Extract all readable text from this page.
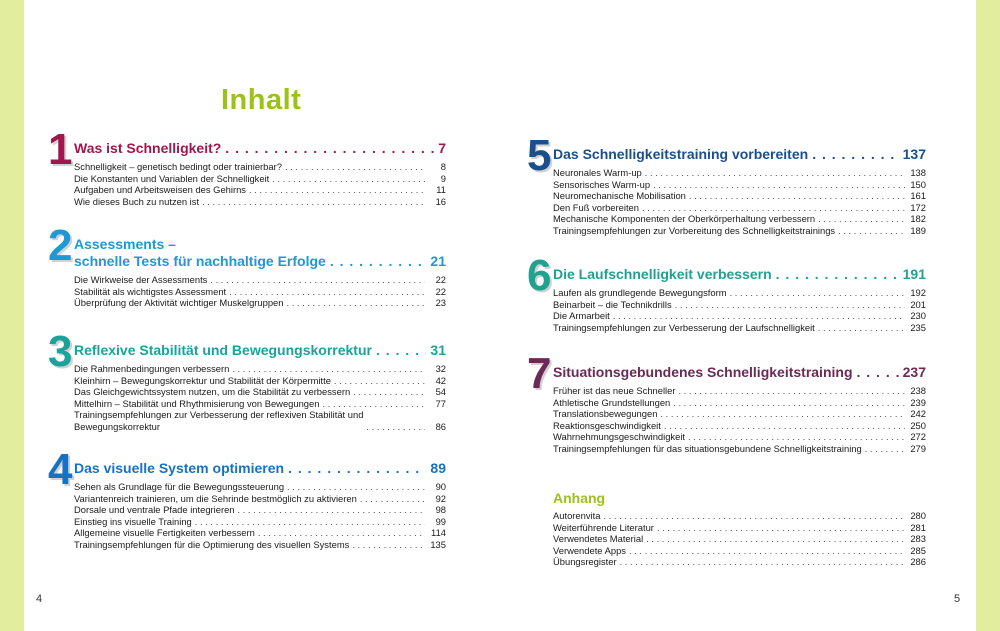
Inhalt
1 Was ist Schnelligkeit? . . .	7
Schnelligkeit – genetisch bedingt oder trainierbar? . . .	8
Die Konstanten und Variablen der Schnelligkeit . . .	9
Aufgaben und Arbeitsweisen des Gehirns . . .	11
Wie dieses Buch zu nutzen ist . . .	16
2 Assessments –
schnelle Tests für nachhaltige Erfolge . . .	21
Die Wirkweise der Assessments . . .	22
Stabilität als wichtigstes Assessment . . .	22
Überprüfung der Aktivität wichtiger Muskelgruppen . . .	23
3 Reflexive Stabilität und Bewegungskorrektur . . .	31
Die Rahmenbedingungen verbessern . . .	32
Kleinhirn – Bewegungskorrektur und Stabilität der Körpermitte . . .	42
Das Gleichgewichtssystem nutzen, um die Stabilität zu verbessern . . .	54
Mittelhirn – Stabilität und Rhythmisierung von Bewegungen . . .	77
Trainingsempfehlungen zur Verbesserung der reflexiven Stabilität und
Bewegungskorrektur . . .	86
4 Das visuelle System optimieren . . .	89
Sehen als Grundlage für die Bewegungssteuerung . . .	90
Variantenreich trainieren, um die Sehrinde bestmöglich zu aktivieren . . .	92
Dorsale und ventrale Pfade integrieren . . .	98
Einstieg ins visuelle Training . . .	99
Allgemeine visuelle Fertigkeiten verbessern . . .	114
Trainingsempfehlungen für die Optimierung des visuellen Systems . . .	135
5 Das Schnelligkeitstraining vorbereiten . . .	137
Neuronales Warm-up . . .	138
Sensorisches Warm-up . . .	150
Neuromechanische Mobilisation . . .	161
Den Fuß vorbereiten . . .	172
Mechanische Komponenten der Oberkörperhaltung verbessern . . .	182
Trainingsempfehlungen zur Vorbereitung des Schnelligkeitstrainings . . .	189
6 Die Laufschnelligkeit verbessern . . .	191
Laufen als grundlegende Bewegungsform . . .	192
Beinarbeit – die Technikdrills . . .	201
Die Armarbeit . . .	230
Trainingsempfehlungen zur Verbesserung der Laufschnelligkeit . . .	235
7 Situationsgebundenes Schnelligkeitstraining . . .	237
Früher ist das neue Schneller . . .	238
Athletische Grundstellungen . . .	239
Translationsbewegungen . . .	242
Reaktionsgeschwindigkeit . . .	250
Wahrnehmungsgeschwindigkeit . . .	272
Trainingsempfehlungen für das situationsgebundene Schnelligkeitstraining . . .	279
Anhang
Autorenvita . . .	280
Weiterführende Literatur . . .	281
Verwendetes Material . . .	283
Verwendete Apps . . .	285
Übungsregister . . .	286
4	5
